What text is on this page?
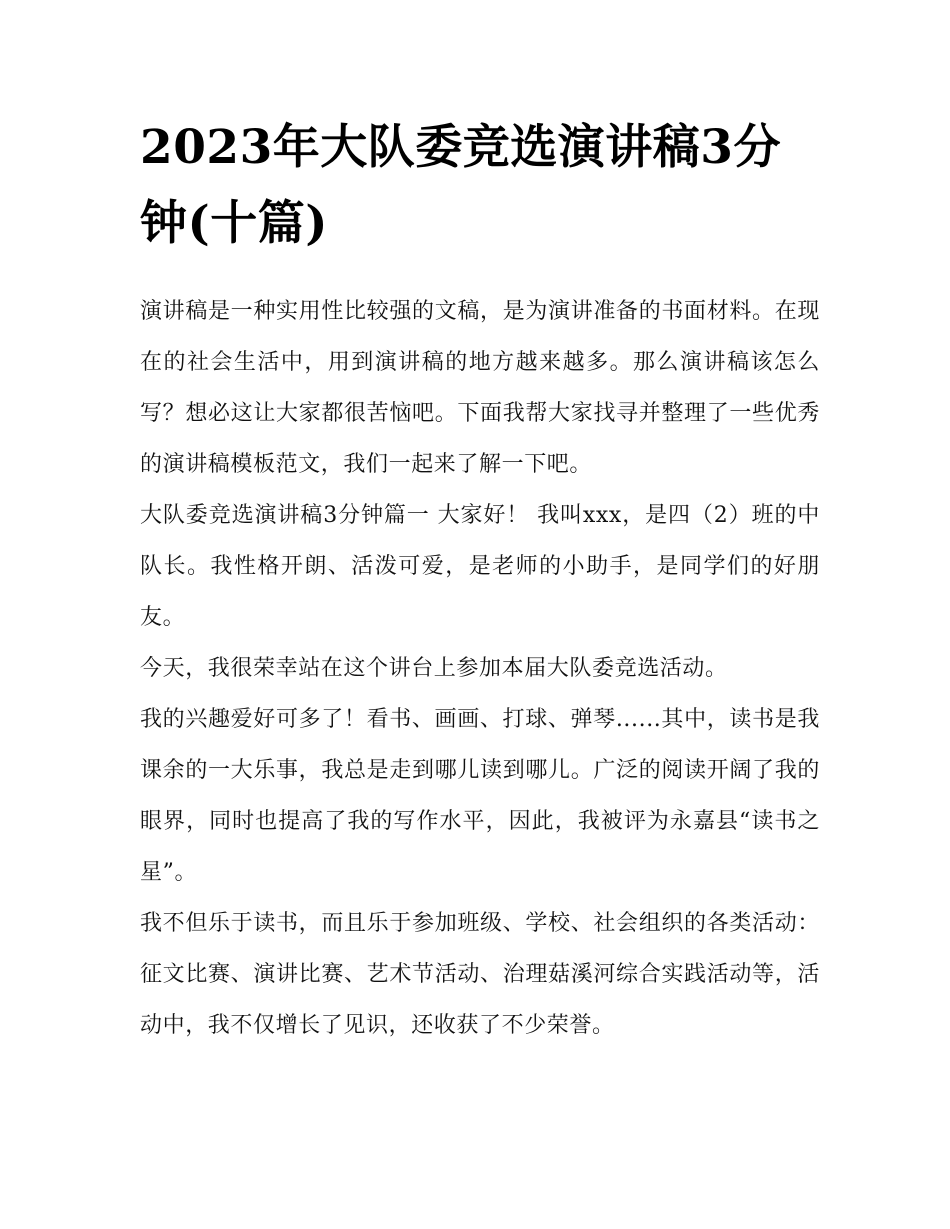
2023年大队委竞选演讲稿3分钟(十篇)

演讲稿是一种实用性比较强的文稿，是为演讲准备的书面材料。在现在的社会生活中，用到演讲稿的地方越来越多。那么演讲稿该怎么写？想必这让大家都很苦恼吧。下面我帮大家找寻并整理了一些优秀的演讲稿模板范文，我们一起来了解一下吧。

大队委竞选演讲稿3分钟篇一 大家好！ 我叫xxx，是四（2）班的中队长。我性格开朗、活泼可爱，是老师的小助手，是同学们的好朋友。

今天，我很荣幸站在这个讲台上参加本届大队委竞选活动。

我的兴趣爱好可多了！看书、画画、打球、弹琴......其中，读书是我课余的一大乐事，我总是走到哪儿读到哪儿。广泛的阅读开阔了我的眼界，同时也提高了我的写作水平，因此，我被评为永嘉县“读书之星”。

我不但乐于读书，而且乐于参加班级、学校、社会组织的各类活动：征文比赛、演讲比赛、艺术节活动、治理菇溪河综合实践活动等，活动中，我不仅增长了见识，还收获了不少荣誉。
